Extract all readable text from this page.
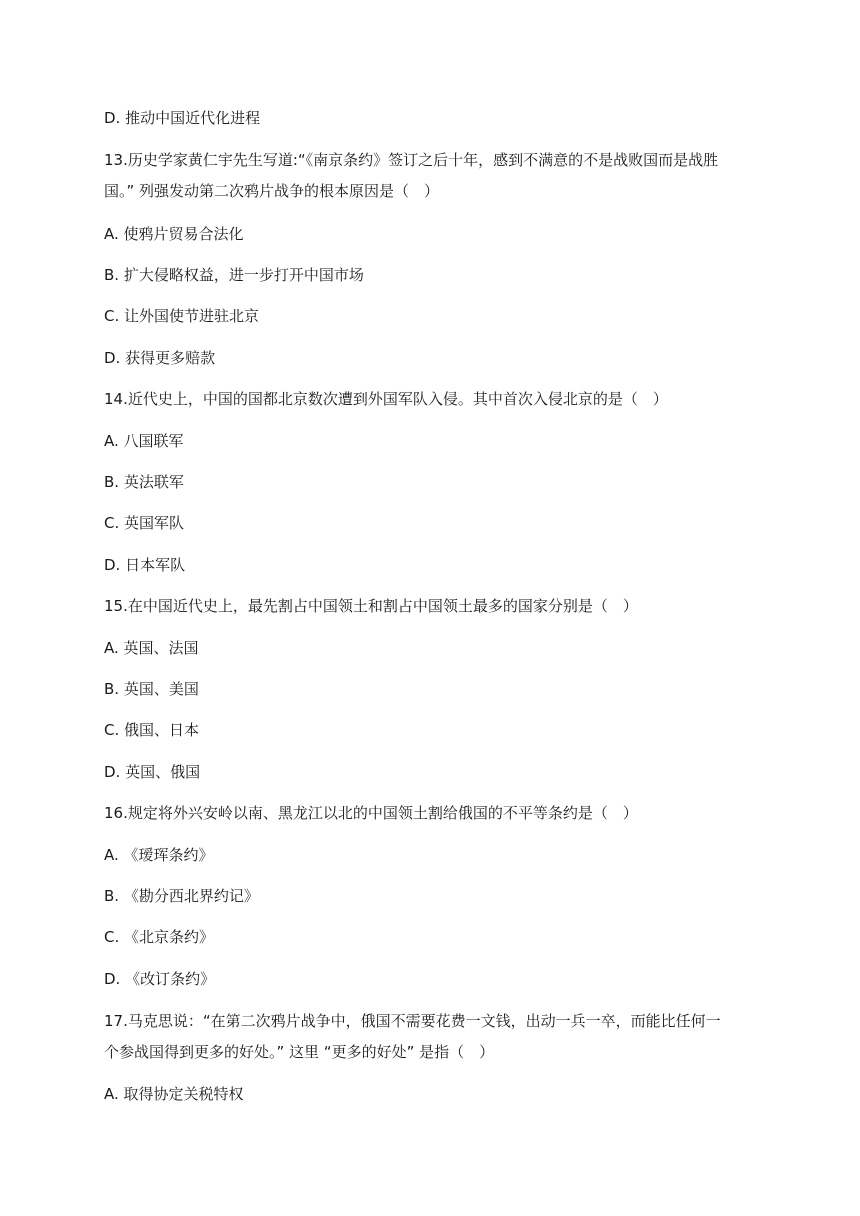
D. 推动中国近代化进程
13.历史学家黄仁宇先生写道:“《南京条约》签订之后十年，感到不满意的不是战败国而是战胜
国。” 列强发动第二次鸦片战争的根本原因是（　）
A. 使鸦片贸易合法化
B. 扩大侵略权益，进一步打开中国市场
C. 让外国使节进驻北京
D. 获得更多赔款
14.近代史上，中国的国都北京数次遭到外国军队入侵。其中首次入侵北京的是（　）
A. 八国联军
B. 英法联军
C. 英国军队
D. 日本军队
15.在中国近代史上，最先割占中国领土和割占中国领土最多的国家分别是（　）
A. 英国、法国
B. 英国、美国
C. 俄国、日本
D. 英国、俄国
16.规定将外兴安岭以南、黑龙江以北的中国领土割给俄国的不平等条约是（　）
A. 《瑷珲条约》
B. 《勘分西北界约记》
C. 《北京条约》
D. 《改订条约》
17.马克思说：“在第二次鸦片战争中，俄国不需要花费一文钱，出动一兵一卒，而能比任何一
个参战国得到更多的好处。” 这里 “更多的好处” 是指（　）
A. 取得协定关税特权
